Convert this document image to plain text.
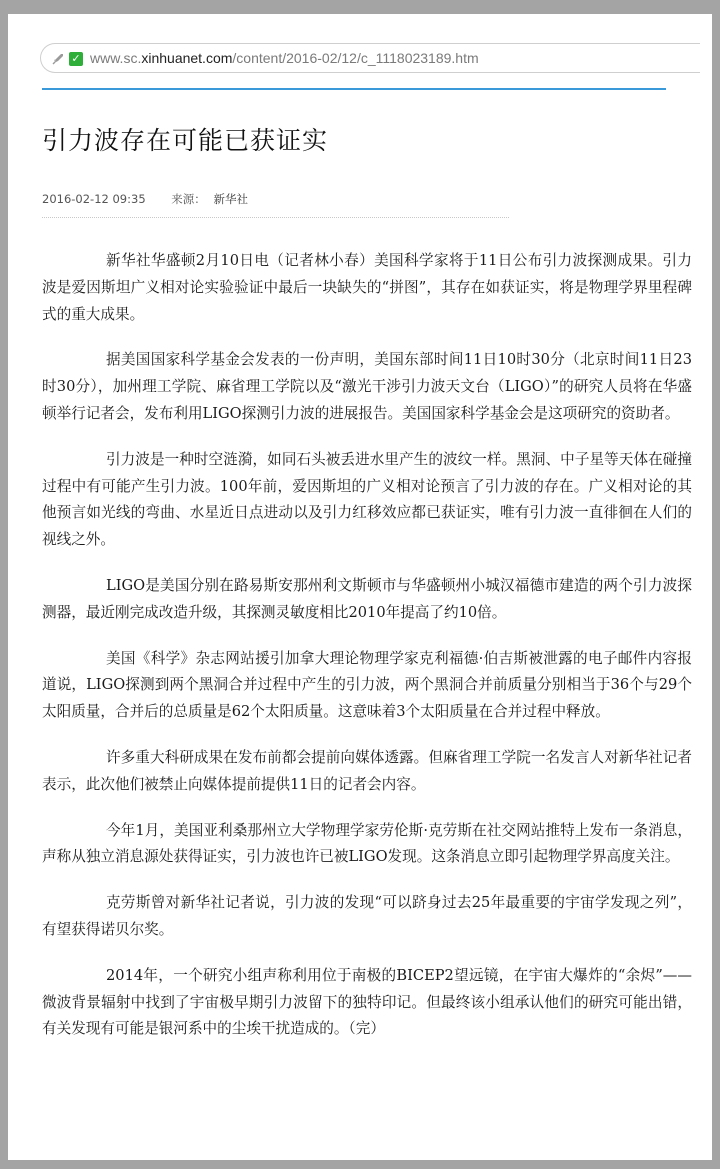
✓ www.sc.xinhuanet.com/content/2016-02/12/c_1118023189.htm
引力波存在可能已获证实
2016-02-12 09:35 来源： 新华社

新华社华盛顿2月10日电（记者林小春）美国科学家将于11日公布引力波探测成果。引力波是爱因斯坦广义相对论实验验证中最后一块缺失的“拼图”，其存在如获证实，将是物理学界里程碑式的重大成果。

据美国国家科学基金会发表的一份声明，美国东部时间11日10时30分（北京时间11日23时30分），加州理工学院、麻省理工学院以及“激光干涉引力波天文台（LIGO）”的研究人员将在华盛顿举行记者会，发布利用LIGO探测引力波的进展报告。美国国家科学基金会是这项研究的资助者。

引力波是一种时空涟漪，如同石头被丢进水里产生的波纹一样。黑洞、中子星等天体在碰撞过程中有可能产生引力波。100年前，爱因斯坦的广义相对论预言了引力波的存在。广义相对论的其他预言如光线的弯曲、水星近日点进动以及引力红移效应都已获证实，唯有引力波一直徘徊在人们的视线之外。

LIGO是美国分别在路易斯安那州利文斯顿市与华盛顿州小城汉福德市建造的两个引力波探测器，最近刚完成改造升级，其探测灵敏度相比2010年提高了约10倍。

美国《科学》杂志网站援引加拿大理论物理学家克利福德·伯吉斯被泄露的电子邮件内容报道说，LIGO探测到两个黑洞合并过程中产生的引力波，两个黑洞合并前质量分别相当于36个与29个太阳质量，合并后的总质量是62个太阳质量。这意味着3个太阳质量在合并过程中释放。

许多重大科研成果在发布前都会提前向媒体透露。但麻省理工学院一名发言人对新华社记者表示，此次他们被禁止向媒体提前提供11日的记者会内容。

今年1月，美国亚利桑那州立大学物理学家劳伦斯·克劳斯在社交网站推特上发布一条消息，声称从独立消息源处获得证实，引力波也许已被LIGO发现。这条消息立即引起物理学界高度关注。

克劳斯曾对新华社记者说，引力波的发现“可以跻身过去25年最重要的宇宙学发现之列”，有望获得诺贝尔奖。

2014年，一个研究小组声称利用位于南极的BICEP2望远镜，在宇宙大爆炸的“余烬”——微波背景辐射中找到了宇宙极早期引力波留下的独特印记。但最终该小组承认他们的研究可能出错，有关发现有可能是银河系中的尘埃干扰造成的。（完）
